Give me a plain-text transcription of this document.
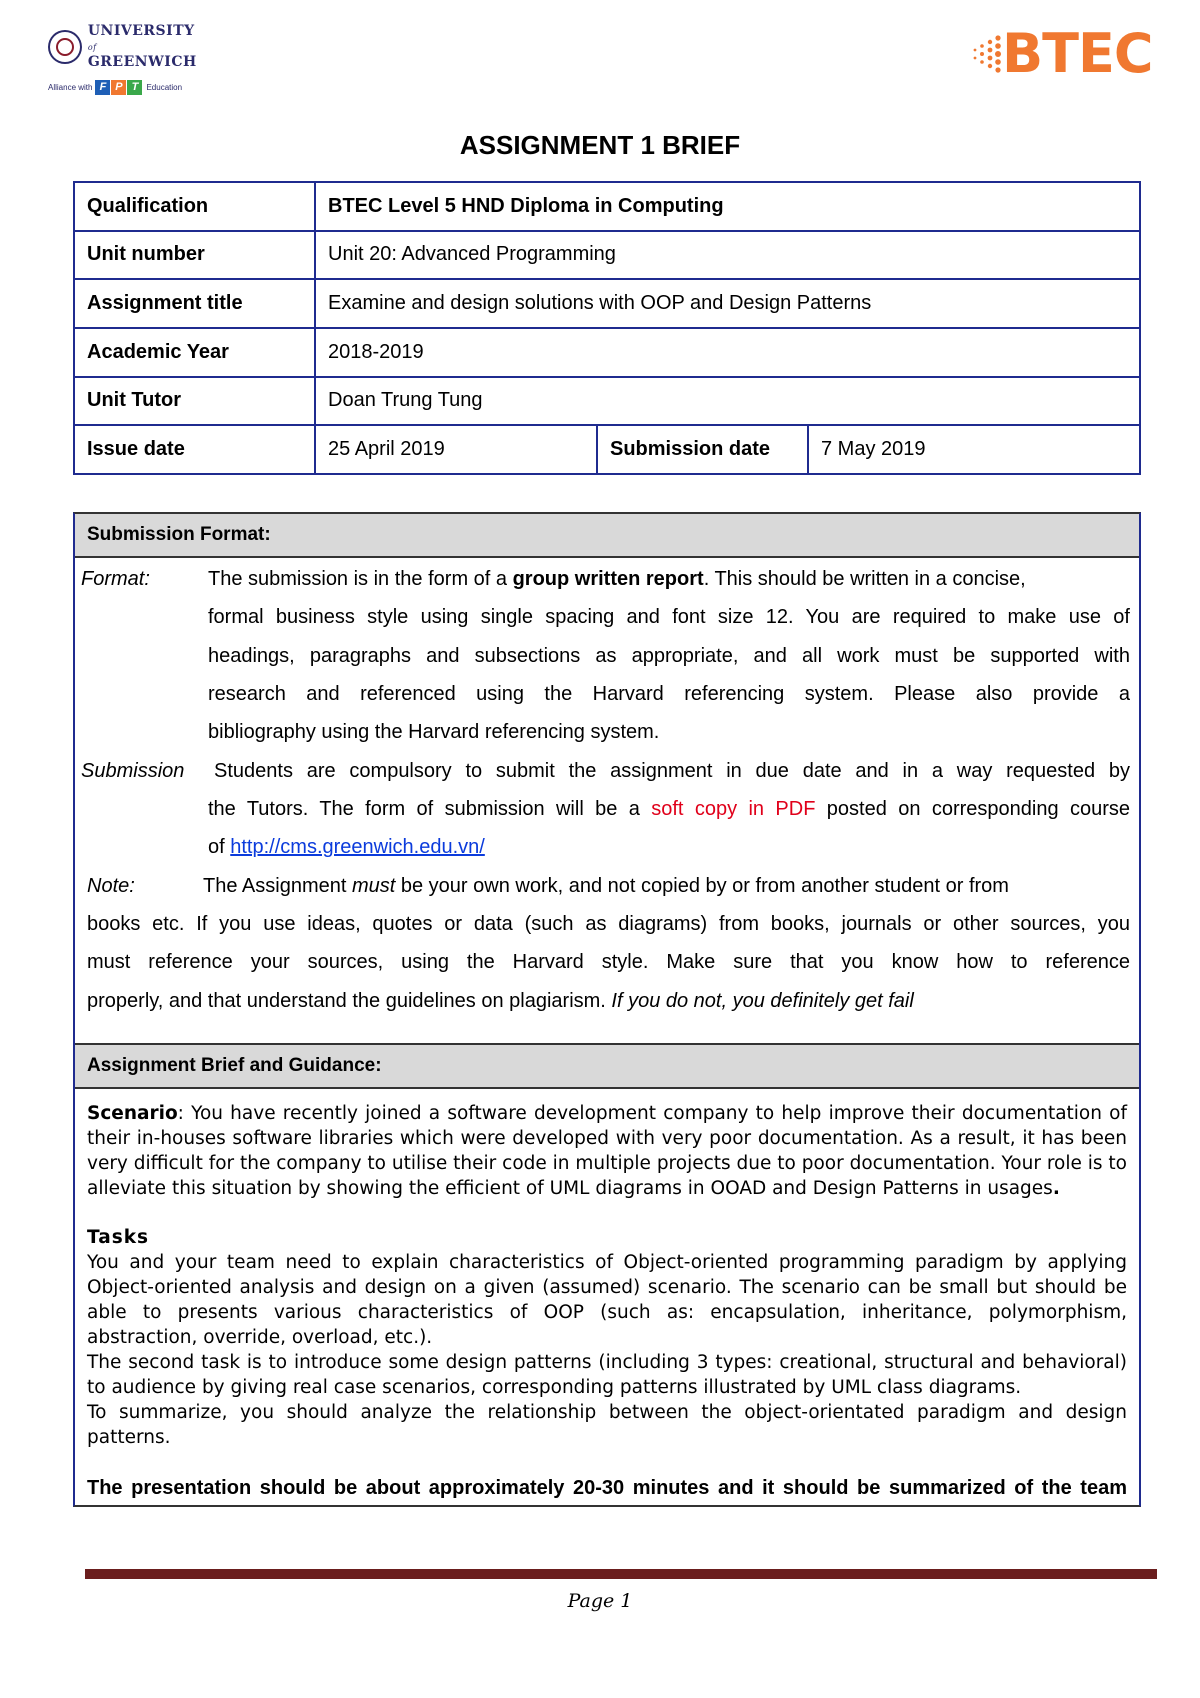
UNIVERSITY of
GREENWICH
Alliance with F P T	Education
BTEC
ASSIGNMENT 1 BRIEF
Qualification	BTEC Level 5 HND Diploma in Computing		
Unit number	Unit 20: Advanced Programming		
Assignment title	Examine and design solutions with OOP and Design Patterns		
Academic Year	2018-2019		
Unit Tutor	Doan Trung Tung		
Issue date	25 April 2019	Submission date	7 May 2019
Submission Format:
Format:	The submission is in the form of a group written report. This should be written in a concise,
formal business style using single spacing and font size 12. You are required to make use of
headings, paragraphs and subsections as appropriate, and all work must be supported with
research and referenced using the Harvard referencing system. Please also provide a
bibliography using the Harvard referencing system.
Submission Students are compulsory to submit the assignment in due date and in a way requested by
the Tutors. The form of submission will be a soft copy in PDF posted on corresponding course
of http://cms.greenwich.edu.vn/
Note:	The Assignment must be your own work, and not copied by or from another student or from
books etc. If you use ideas, quotes or data (such as diagrams) from books, journals or other sources, you
must reference your sources, using the Harvard style. Make sure that you know how to reference
properly, and that understand the guidelines on plagiarism. If you do not, you definitely get fail
Assignment Brief and Guidance:

Scenario: You have recently joined a software development company to help improve their documentation of their in-houses software libraries which were developed with very poor documentation. As a result, it has been very difficult for the company to utilise their code in multiple projects due to poor documentation. Your role is to alleviate this situation by showing the efficient of UML diagrams in OOAD and Design Patterns in usages.

Tasks

You and your team need to explain characteristics of Object-oriented programming paradigm by applying Object-oriented analysis and design on a given (assumed) scenario. The scenario can be small but should be able to presents various characteristics of OOP (such as: encapsulation, inheritance, polymorphism, abstraction, override, overload, etc.).

The second task is to introduce some design patterns (including 3 types: creational, structural and behavioral) to audience by giving real case scenarios, corresponding patterns illustrated by UML class diagrams.

To summarize, you should analyze the relationship between the object-orientated paradigm and design patterns.

The presentation should be about approximately 20-30 minutes and it should be summarized of the team

Page 1
